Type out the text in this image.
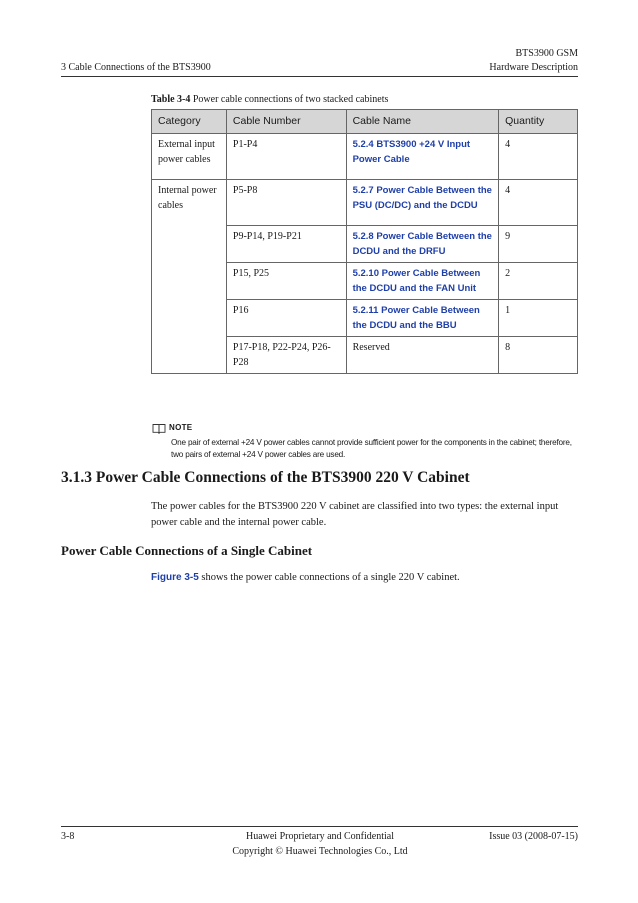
BTS3900 GSM
Hardware Description
3 Cable Connections of the BTS3900
Table 3-4 Power cable connections of two stacked cabinets
Category	Cable Number	Cable Name	Quantity
External input power cables	P1-P4	5.2.4 BTS3900 +24 V Input Power Cable	4
Internal power cables	P5-P8	5.2.7 Power Cable Between the PSU (DC/DC) and the DCDU	4
	P9-P14, P19-P21	5.2.8 Power Cable Between the DCDU and the DRFU	9
	P15, P25	5.2.10 Power Cable Between the DCDU and the FAN Unit	2
	P16	5.2.11 Power Cable Between the DCDU and the BBU	1
	P17-P18, P22-P24, P26-P28	Reserved	8
NOTE
One pair of external +24 V power cables cannot provide sufficient power for the components in the cabinet; therefore, two pairs of external +24 V power cables are used.
3.1.3 Power Cable Connections of the BTS3900 220 V Cabinet
The power cables for the BTS3900 220 V cabinet are classified into two types: the external input power cable and the internal power cable.
Power Cable Connections of a Single Cabinet
Figure 3-5 shows the power cable connections of a single 220 V cabinet.
3-8	Huawei Proprietary and Confidential
Copyright © Huawei Technologies Co., Ltd
Issue 03 (2008-07-15)
